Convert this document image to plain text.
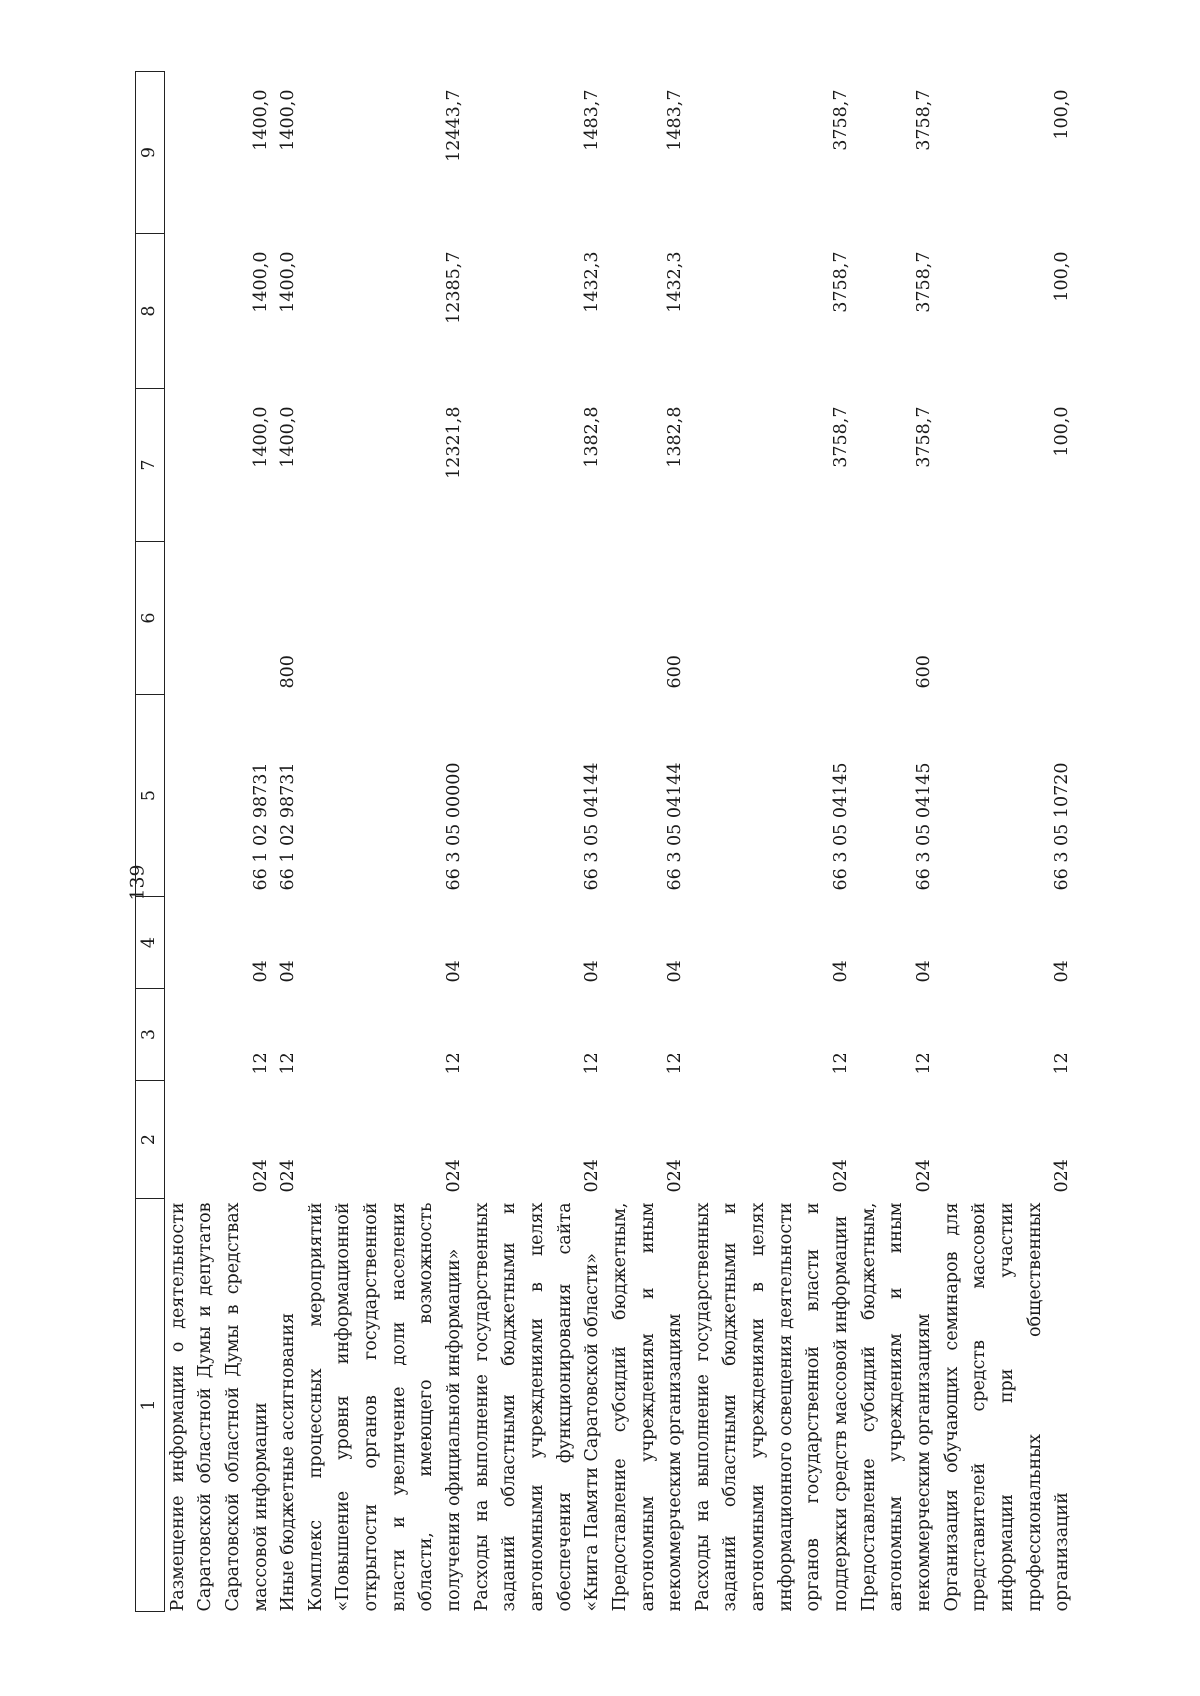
139
1	2	3	4	5	6	7	8	9
Размещение информации о деятельности Саратовской областной Думы и депутатов Саратовской областной Думы в средствах массовой информации	024	12	04	66 1 02 98731		1400,0	1400,0	1400,0
Иные бюджетные ассигнования	024	12	04	66 1 02 98731	800	1400,0	1400,0	1400,0
Комплекс процессных мероприятий «Повышение уровня информационной открытости органов государственной власти и увеличение доли населения области, имеющего возможность получения официальной информации»	024	12	04	66 3 05 00000		12321,8	12385,7	12443,7
Расходы на выполнение государственных заданий областными бюджетными и автономными учреждениями в целях обеспечения функционирования сайта «Книга Памяти Саратовской области»	024	12	04	66 3 05 04144		1382,8	1432,3	1483,7
Предоставление субсидий бюджетным, автономным учреждениям и иным некоммерческим организациям	024	12	04	66 3 05 04144	600	1382,8	1432,3	1483,7
Расходы на выполнение государственных заданий областными бюджетными и автономными учреждениями в целях информационного освещения деятельности органов государственной власти и поддержки средств массовой информации	024	12	04	66 3 05 04145		3758,7	3758,7	3758,7
Предоставление субсидий бюджетным, автономным учреждениям и иным некоммерческим организациям	024	12	04	66 3 05 04145	600	3758,7	3758,7	3758,7
Организация обучающих семинаров для представителей средств массовой информации при участии профессиональных общественных организаций	024	12	04	66 3 05 10720		100,0	100,0	100,0
